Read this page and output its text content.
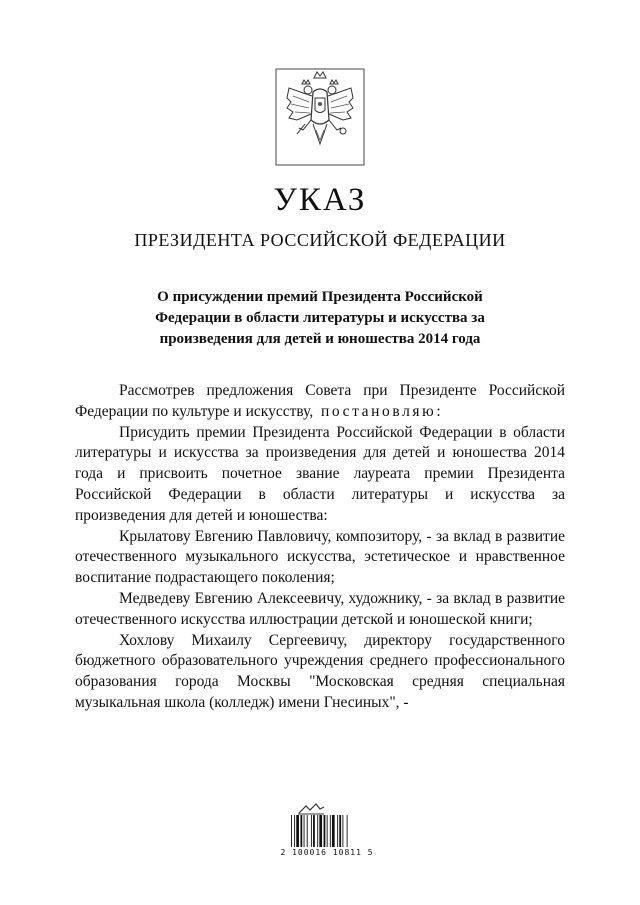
УКАЗ
ПРЕЗИДЕНТА РОССИЙСКОЙ ФЕДЕРАЦИИ
О присуждении премий Президента Российской
Федерации в области литературы и искусства за
произведения для детей и юношества 2014 года

Рассмотрев предложения Совета при Президенте Российской Федерации по культуре и искусству, постановляю:

Присудить премии Президента Российской Федерации в области литературы и искусства за произведения для детей и юношества 2014 года и присвоить почетное звание лауреата премии Президента Российской Федерации в области литературы и искусства за произведения для детей и юношества:

Крылатову Евгению Павловичу, композитору, - за вклад в развитие отечественного музыкального искусства, эстетическое и нравственное воспитание подрастающего поколения;

Медведеву Евгению Алексеевичу, художнику, - за вклад в развитие отечественного искусства иллюстрации детской и юношеской книги;

Хохлову Михаилу Сергеевичу, директору государственного бюджетного образовательного учреждения среднего профессионального образования города Москвы "Московская средняя специальная музыкальная школа (колледж) имени Гнесиных", -

2 100016 10811 5
